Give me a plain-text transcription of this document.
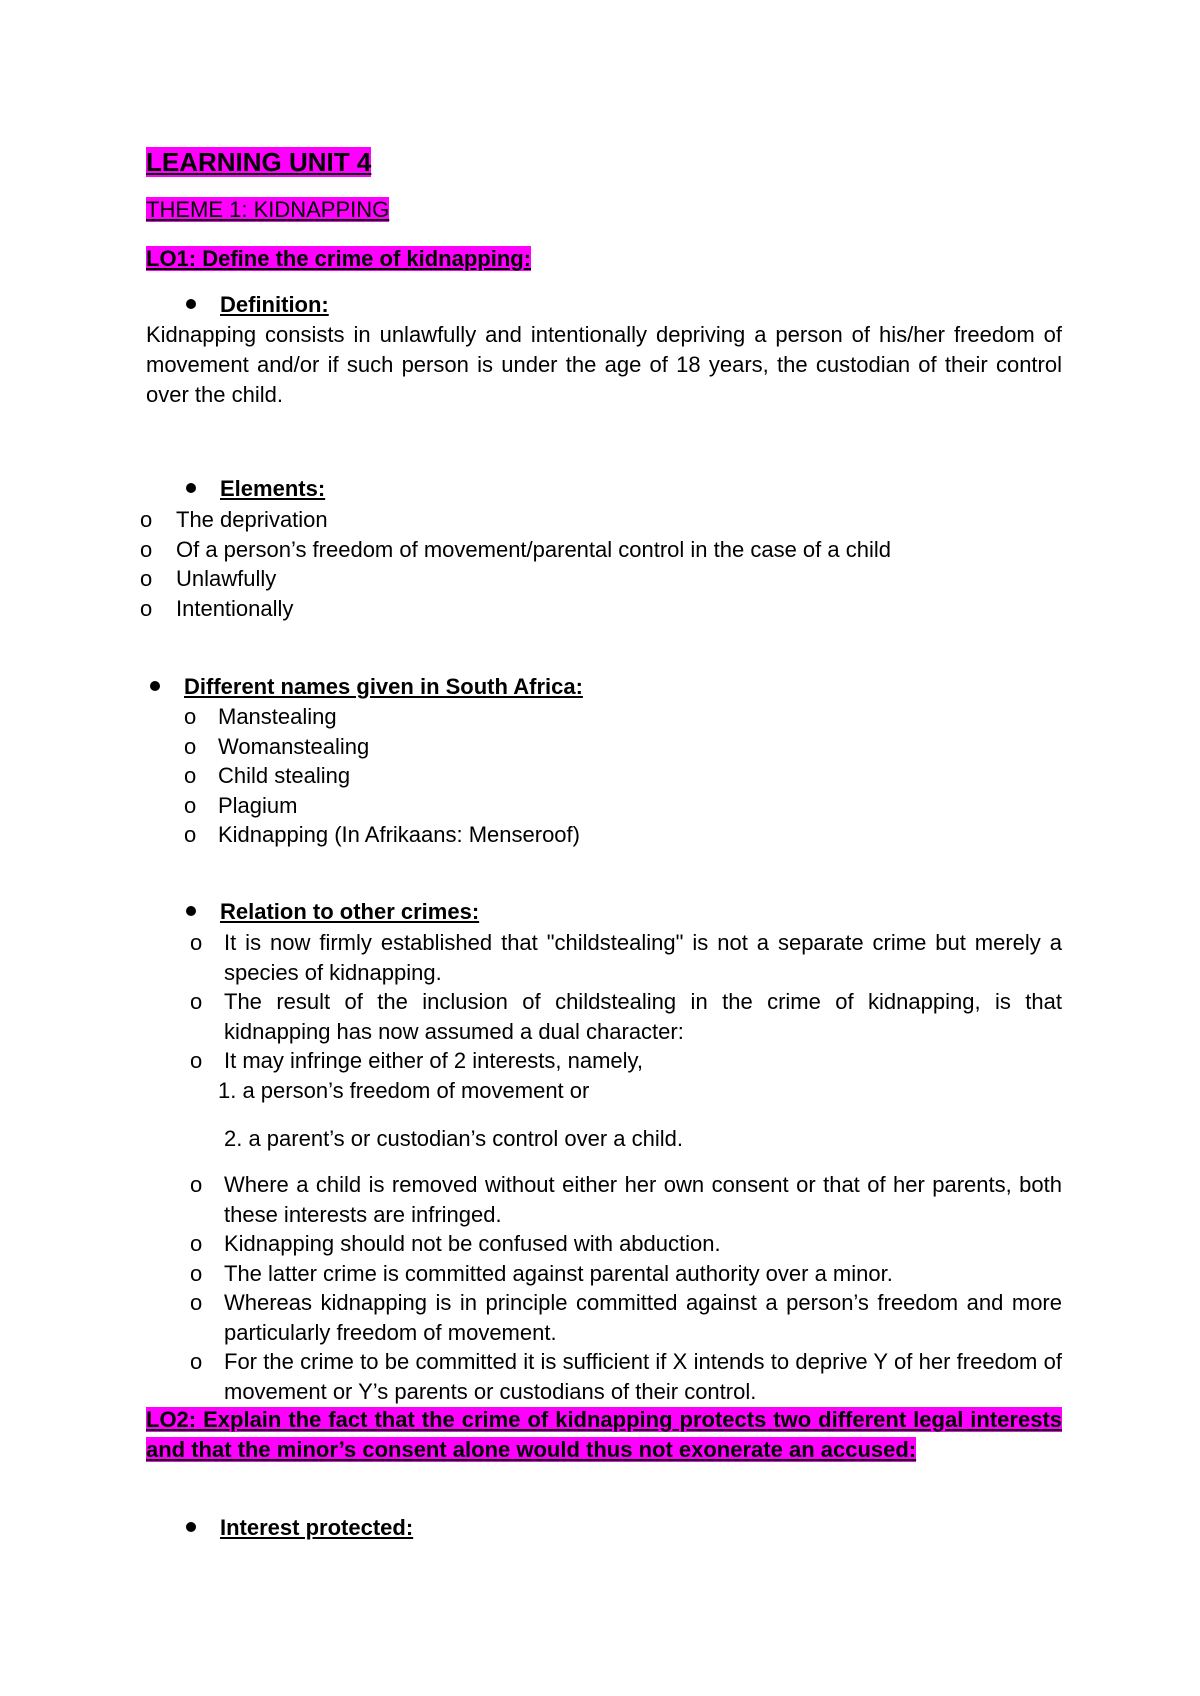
LEARNING UNIT 4
THEME 1: KIDNAPPING
LO1: Define the crime of kidnapping:
Definition:
Kidnapping consists in unlawfully and intentionally depriving a person of his/her freedom of movement and/or if such person is under the age of 18 years, the custodian of their control over the child.
Elements:
o	The deprivation
o	Of a person’s freedom of movement/parental control in the case of a child
o	Unlawfully
o	Intentionally
Different names given in South Africa:
o Manstealing
o Womanstealing
o Child stealing
o Plagium
o Kidnapping (In Afrikaans: Menseroof)
Relation to other crimes:
o It is now firmly established that "childstealing" is not a separate crime but merely a species of kidnapping.
o The result of the inclusion of childstealing in the crime of kidnapping, is that kidnapping has now assumed a dual character:
o It may infringe either of 2 interests, namely,
1. a person’s freedom of movement or
2. a parent’s or custodian’s control over a child.
o Where a child is removed without either her own consent or that of her parents, both these interests are infringed.
o Kidnapping should not be confused with abduction.
o The latter crime is committed against parental authority over a minor.
o Whereas kidnapping is in principle committed against a person’s freedom and more particularly freedom of movement.
o For the crime to be committed it is sufficient if X intends to deprive Y of her freedom of movement or Y’s parents or custodians of their control.
LO2: Explain the fact that the crime of kidnapping protects two different legal interests and that the minor’s consent alone would thus not exonerate an accused:
Interest protected:
